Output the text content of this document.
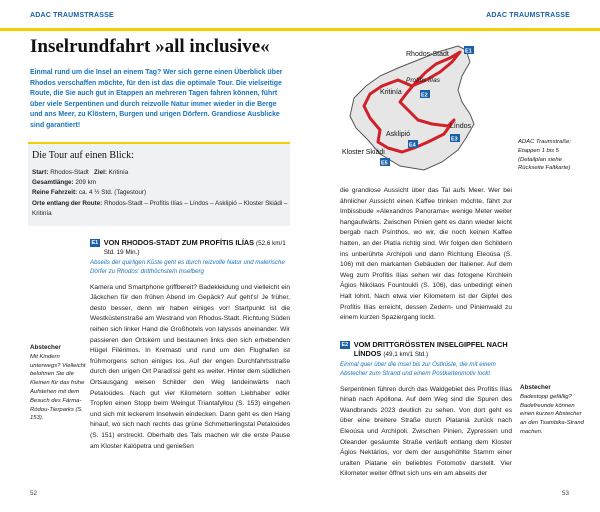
ADAC TRAUMSTRASSE	ADAC TRAUMSTRASSE
Inselrundfahrt »all inclusive«
Einmal rund um die Insel an einem Tag? Wer sich gerne einen Überblick über Rhodos verschaffen möchte, für den ist das die optimale Tour. Die vielseitige Route, die Sie auch gut in Etappen an mehreren Tagen fahren können, führt über viele Serpentinen und durch reizvolle Natur immer wieder in die Berge und ans Meer, zu Klöstern, Burgen und urigen Dörfern. Grandiose Ausblicke sind garantiert!
Die Tour auf einen Blick:
Start: Rhodos-Stadt Ziel: Kritinía
Gesamtlänge: 209 km
Reine Fahrzeit: ca. 4 ½ Std. (Tagestour)
Orte entlang der Route: Rhodos-Stadt – Profítis Ilías – Líndos – Asklipió – Kloster Skiádi – Kritinía
E1 VON RHODOS-STADT ZUM PROFÍTIS ILÍAS (52,6 km/1 Std. 19 Min.)
Abseits der quirligen Küste geht es durch reizvolle Natur und malerische Dörfer zu Rhodos' dritthöchstem Inselberg
Kamera und Smartphone griffbereit? Badekleidung und vielleicht ein Jäckchen für den frühen Abend im Gepäck? Auf geht's! Je früher, desto besser, denn wir haben einiges vor! Startpunkt ist die Westküstenstraße am Westrand von Rhodos-Stadt. Richtung Süden reihen sich linker Hand die Großhotels von Ialyssós aneinander. Wir passieren den Ortskern und bestaunen links den sich erhebenden Hügel Filérimos. In Kremastí und rund um den Flughafen ist frühmorgens schon einiges los. Auf der engen Durchfahrtsstraße durch den urigen Ort Paradíssi geht es weiter. Hinter dem südlichen Ortsausgang weisen Schilder den Weg landeinwärts nach Petaloúdes. Nach gut vier Kilometern sollten Liebhaber edler Tropfen einen Stopp beim Weingut Triantafyllou (S. 153) eingehen und sich mit leckerem Inselwein eindecken. Dann geht es den Hang hinauf, wo sich nach rechts das grüne Schmetterlingstal Petaloúdes (S. 151) erstreckt. Oberhalb des Tals machen wir die erste Pause am Kloster Kalópetra und genießen
Abstecher
Mit Kindern unterwegs? Vielleicht belohnen Sie die Kleinen für das frühe Aufstehen mit dem Besuch des Fárma-Ródou-Tierparks (S. 153).
52
Rhodos-Stadt
Profítis Ilías
Kritinía
Líndos
Asklipió
Kloster Skiádi
E1
E2
E3
E4
E5
ADAC Traumstraße: Etappen 1 bis 5 (Detailplan siehe Rückseite Faltkarte)
die grandiose Aussicht über das Tal aufs Meer. Wer bei ähnlicher Aussicht einen Kaffee trinken möchte, fährt zur Imbissbude »Alexandros Panorama« wenige Meter weiter hangaufwärts. Zwischen Pinien geht es dann wieder leicht bergab nach Psínthos, wo wir, die noch keinen Kaffee hatten, an der Platía richtig sind. Wir folgen den Schildern ins unberührte Archípoli und dann Richtung Eleoúsa (S. 106) mit den markanten Gebäuden der Italiener. Auf dem Weg zum Profítis Ilías sehen wir das fotogene Kirchlein Ágios Nikólaos Fountoukli (S. 106), das unbedingt einen Halt lohnt. Nach etwa vier Kilometern ist der Gipfel des Profítis Ilías erreicht, dessen Zedern- und Pinienwald zu einem kurzen Spaziergang lockt.
E2 VOM DRITTGRÖSSTEN INSELGIPFEL NACH LÍNDOS (49,1 km/1 Std.)
Einmal quer über die Insel bis zur Ostküste, die mit einem Abstecher zum Strand und einem Postkartenmotiv lockt
Serpentinen führen durch das Waldgebiet des Profítis Ilías hinab nach Apóllona. Auf dem Weg sind die Spuren des Wandbrands 2023 deutlich zu sehen. Von dort geht es über eine breitere Straße durch Plataniá zurück nach Eleoúsa und Archípoli. Zwischen Pinien, Zypressen und Oleander gesäumte Straße verläuft entlang dem Kloster Ágios Nektários, vor dem der ausgehöhlte Stamm einer uralten Platane ein beliebtes Fotomotiv darstellt. Vier Kilometer weiter öffnet sich uns ein am abseits der
Abstecher
Badestopp gefällig? Badefreunde können einen kurzen Abstecher an den Tsambika-Strand machen.
53
